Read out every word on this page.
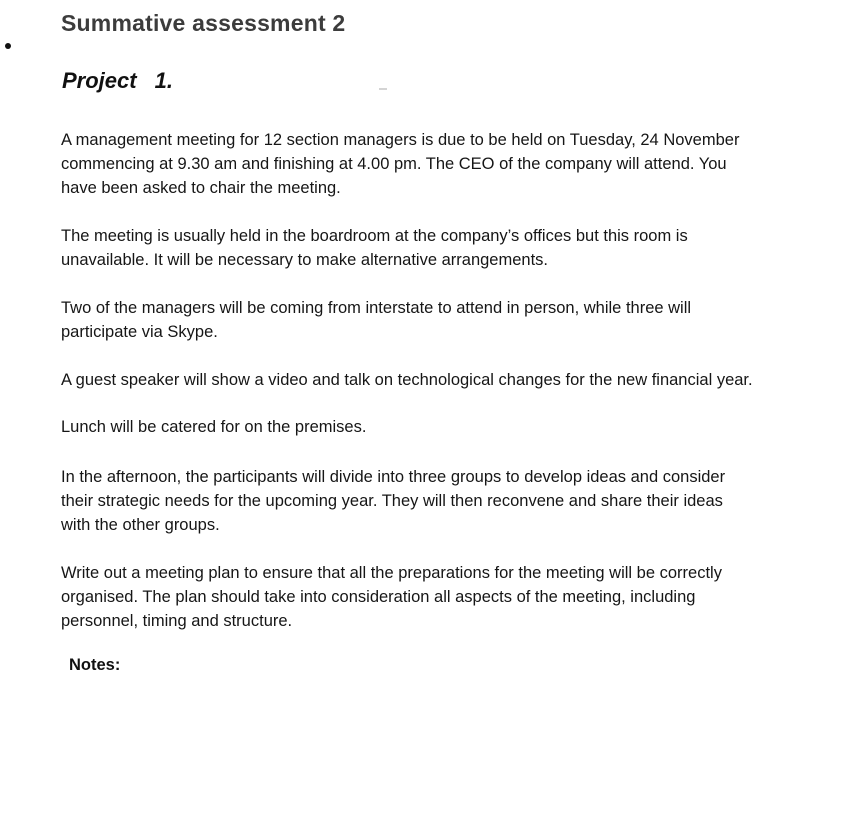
Summative assessment 2
Project 1.
A management meeting for 12 section managers is due to be held on Tuesday, 24 November
commencing at 9.30 am and finishing at 4.00 pm. The CEO of the company will attend. You
have been asked to chair the meeting.
The meeting is usually held in the boardroom at the company’s offices but this room is
unavailable. It will be necessary to make alternative arrangements.
Two of the managers will be coming from interstate to attend in person, while three will
participate via Skype.
A guest speaker will show a video and talk on technological changes for the new financial year.
Lunch will be catered for on the premises.
In the afternoon, the participants will divide into three groups to develop ideas and consider
their strategic needs for the upcoming year. They will then reconvene and share their ideas
with the other groups.
Write out a meeting plan to ensure that all the preparations for the meeting will be correctly
organised. The plan should take into consideration all aspects of the meeting, including
personnel, timing and structure.
Notes:
